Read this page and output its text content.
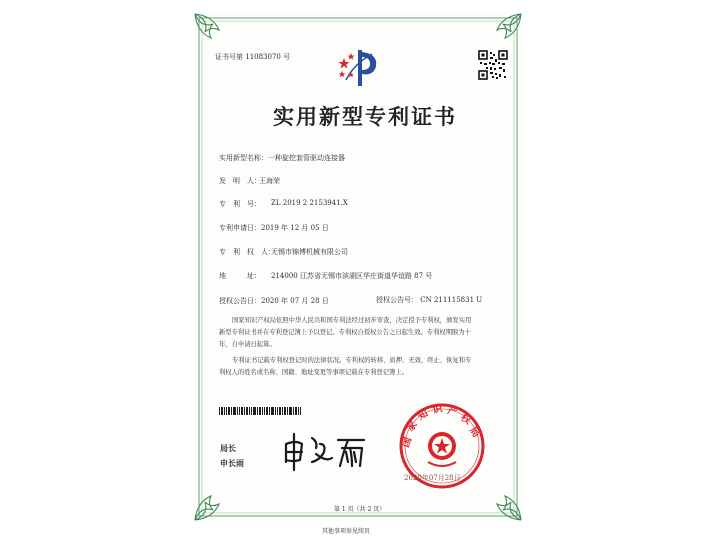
证书号第 11083070 号
实用新型专利证书
实用新型名称： 一种旋挖套管驱动连接器
发　明　人：
王海荣
专　利　号：	ZL 2019 2 2153941.X
专利申请日： 2019 年 12 月 05 日
专　利　权　人：
无锡市锦博机械有限公司
地　　　址：	214000 江苏省无锡市滨湖区华庄街道华谊路 87 号
授权公告日： 2020 年 07 月 28 日	授权公告号： CN 211115831 U
国家知识产权局依照中华人民共和国专利法经过初步审查，决定授予专利权，颁发实用
新型专利证书并在专利登记簿上予以登记。专利权自授权公告之日起生效。专利权期限为十
年，自申请日起算。
专利证书记载专利权登记时的法律状况。专利权的转移、质押、无效、终止、恢复和专
利权人的姓名或名称、国籍、地址变更等事项记载在专利登记簿上。
局长
申长雨
国
家
知 识 产
权
局
2020年07月28日
第 1 页（共 2 页）
其他事项参见续页
